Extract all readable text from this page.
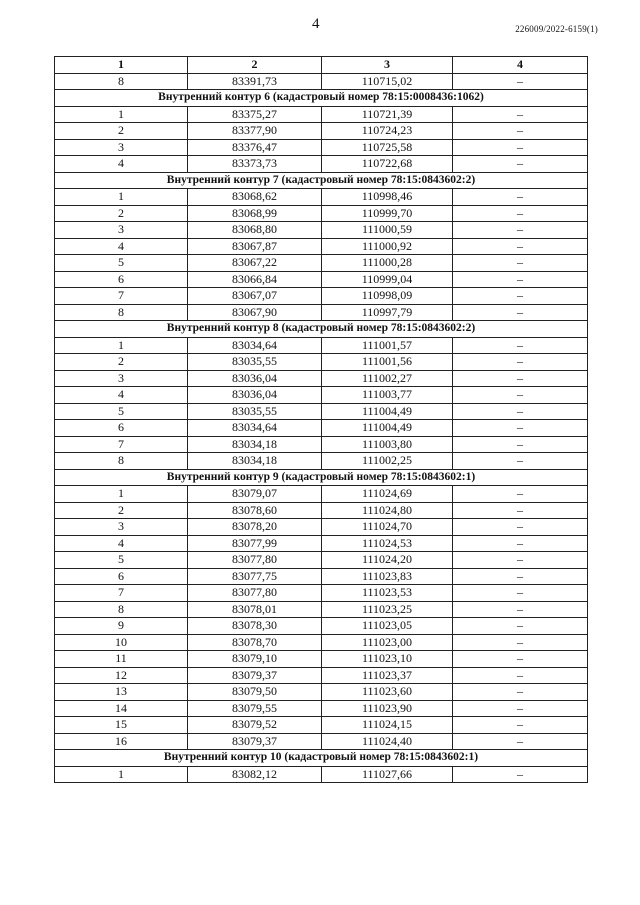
4	226009/2022-6159(1)
1	2	3	4
8	83391,73	110715,02	–
Внутренний контур 6 (кадастровый номер 78:15:0008436:1062)			
1	83375,27	110721,39	–
2	83377,90	110724,23	–
3	83376,47	110725,58	–
4	83373,73	110722,68	–
Внутренний контур 7 (кадастровый номер 78:15:0843602:2)			
1	83068,62	110998,46	–
2	83068,99	110999,70	–
3	83068,80	111000,59	–
4	83067,87	111000,92	–
5	83067,22	111000,28	–
6	83066,84	110999,04	–
7	83067,07	110998,09	–
8	83067,90	110997,79	–
Внутренний контур 8 (кадастровый номер 78:15:0843602:2)			
1	83034,64	111001,57	–
2	83035,55	111001,56	–
3	83036,04	111002,27	–
4	83036,04	111003,77	–
5	83035,55	111004,49	–
6	83034,64	111004,49	–
7	83034,18	111003,80	–
8	83034,18	111002,25	–
Внутренний контур 9 (кадастровый номер 78:15:0843602:1)			
1	83079,07	111024,69	–
2	83078,60	111024,80	–
3	83078,20	111024,70	–
4	83077,99	111024,53	–
5	83077,80	111024,20	–
6	83077,75	111023,83	–
7	83077,80	111023,53	–
8	83078,01	111023,25	–
9	83078,30	111023,05	–
10	83078,70	111023,00	–
11	83079,10	111023,10	–
12	83079,37	111023,37	–
13	83079,50	111023,60	–
14	83079,55	111023,90	–
15	83079,52	111024,15	–
16	83079,37	111024,40	–
Внутренний контур 10 (кадастровый номер 78:15:0843602:1)			
1	83082,12	111027,66	–
